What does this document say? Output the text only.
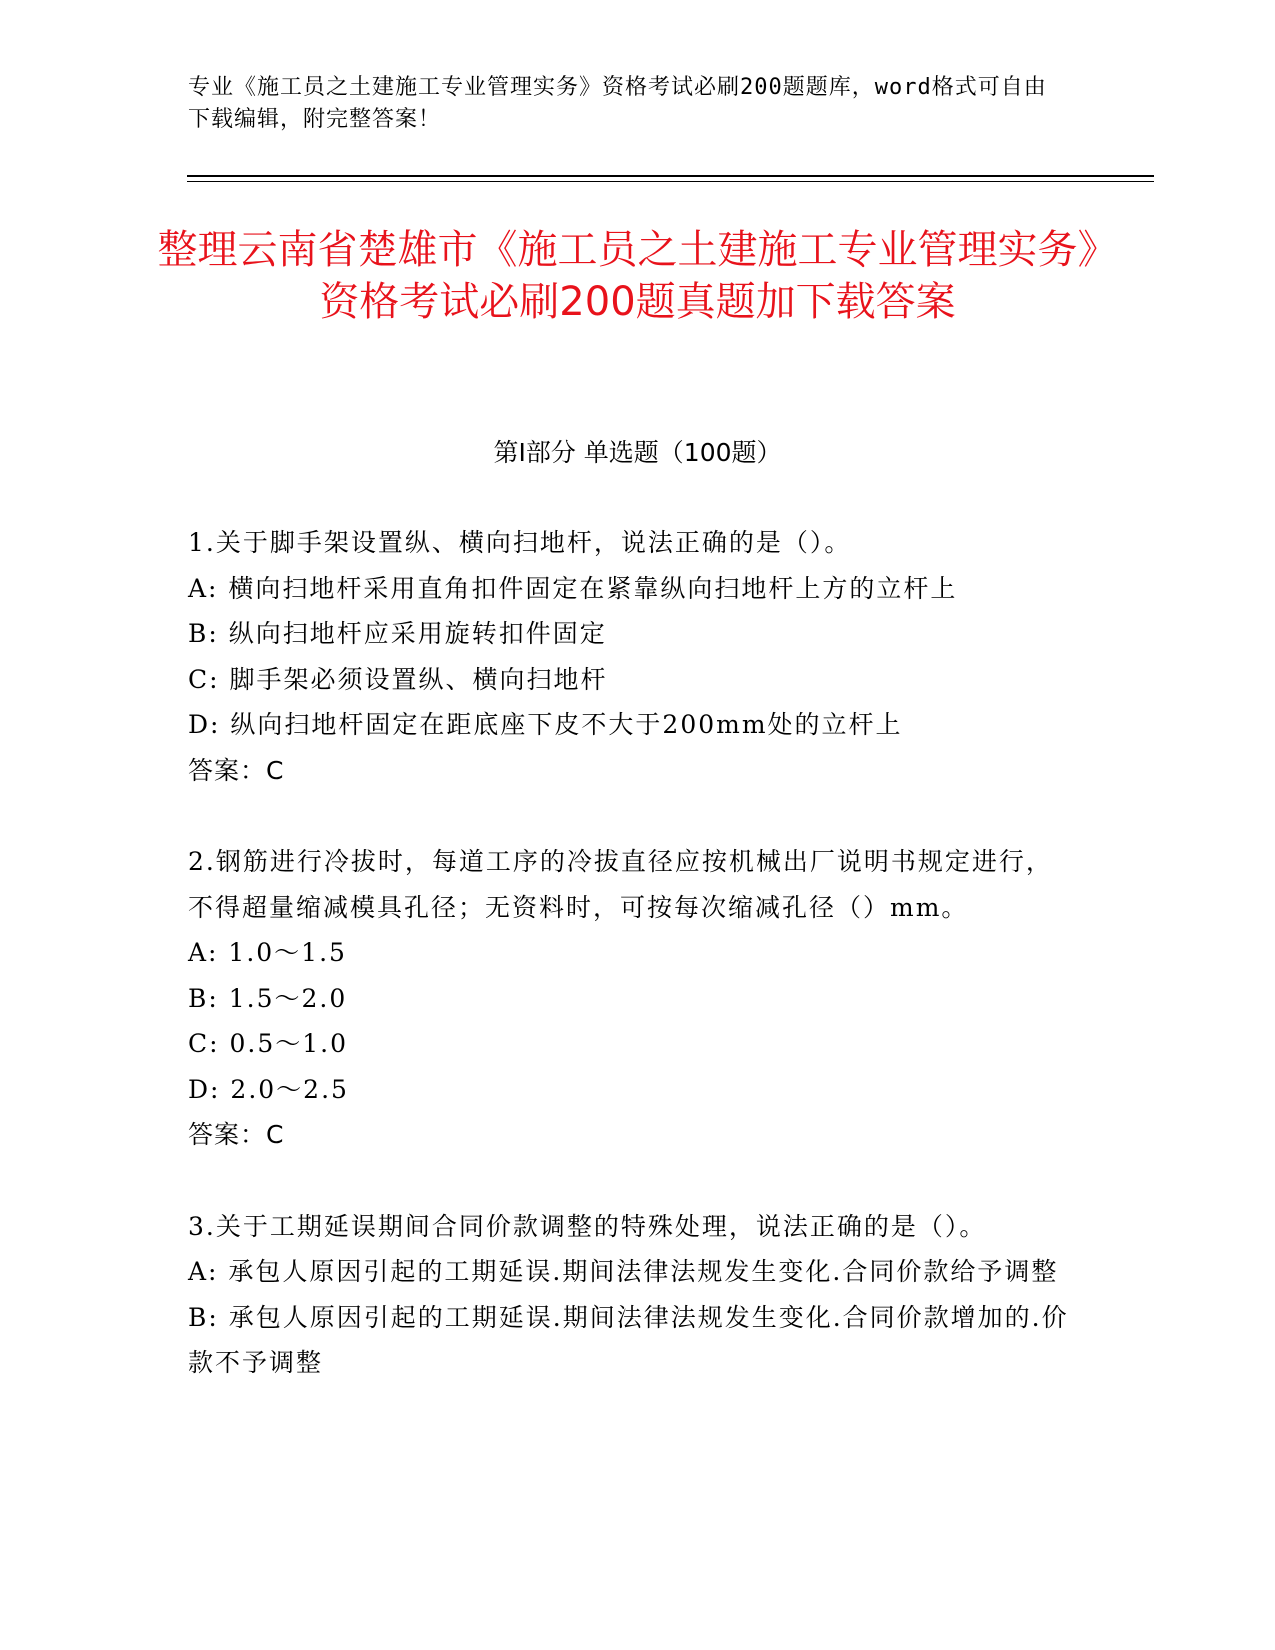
专业《施工员之土建施工专业管理实务》资格考试必刷200题题库，word格式可自由下载编辑，附完整答案！
整理云南省楚雄市《施工员之土建施工专业管理实务》资格考试必刷200题真题加下载答案
第Ⅰ部分 单选题（100题）
1.关于脚手架设置纵、横向扫地杆，说法正确的是（）。
A: 横向扫地杆采用直角扣件固定在紧靠纵向扫地杆上方的立杆上
B: 纵向扫地杆应采用旋转扣件固定
C: 脚手架必须设置纵、横向扫地杆
D: 纵向扫地杆固定在距底座下皮不大于200mm处的立杆上
答案：C
2.钢筋进行冷拔时，每道工序的冷拔直径应按机械出厂说明书规定进行，不得超量缩减模具孔径；无资料时，可按每次缩减孔径（）mm。
A: 1.0～1.5
B: 1.5～2.0
C: 0.5～1.0
D: 2.0～2.5
答案：C
3.关于工期延误期间合同价款调整的特殊处理，说法正确的是（）。
A: 承包人原因引起的工期延误.期间法律法规发生变化.合同价款给予调整
B: 承包人原因引起的工期延误.期间法律法规发生变化.合同价款增加的.价款不予调整
